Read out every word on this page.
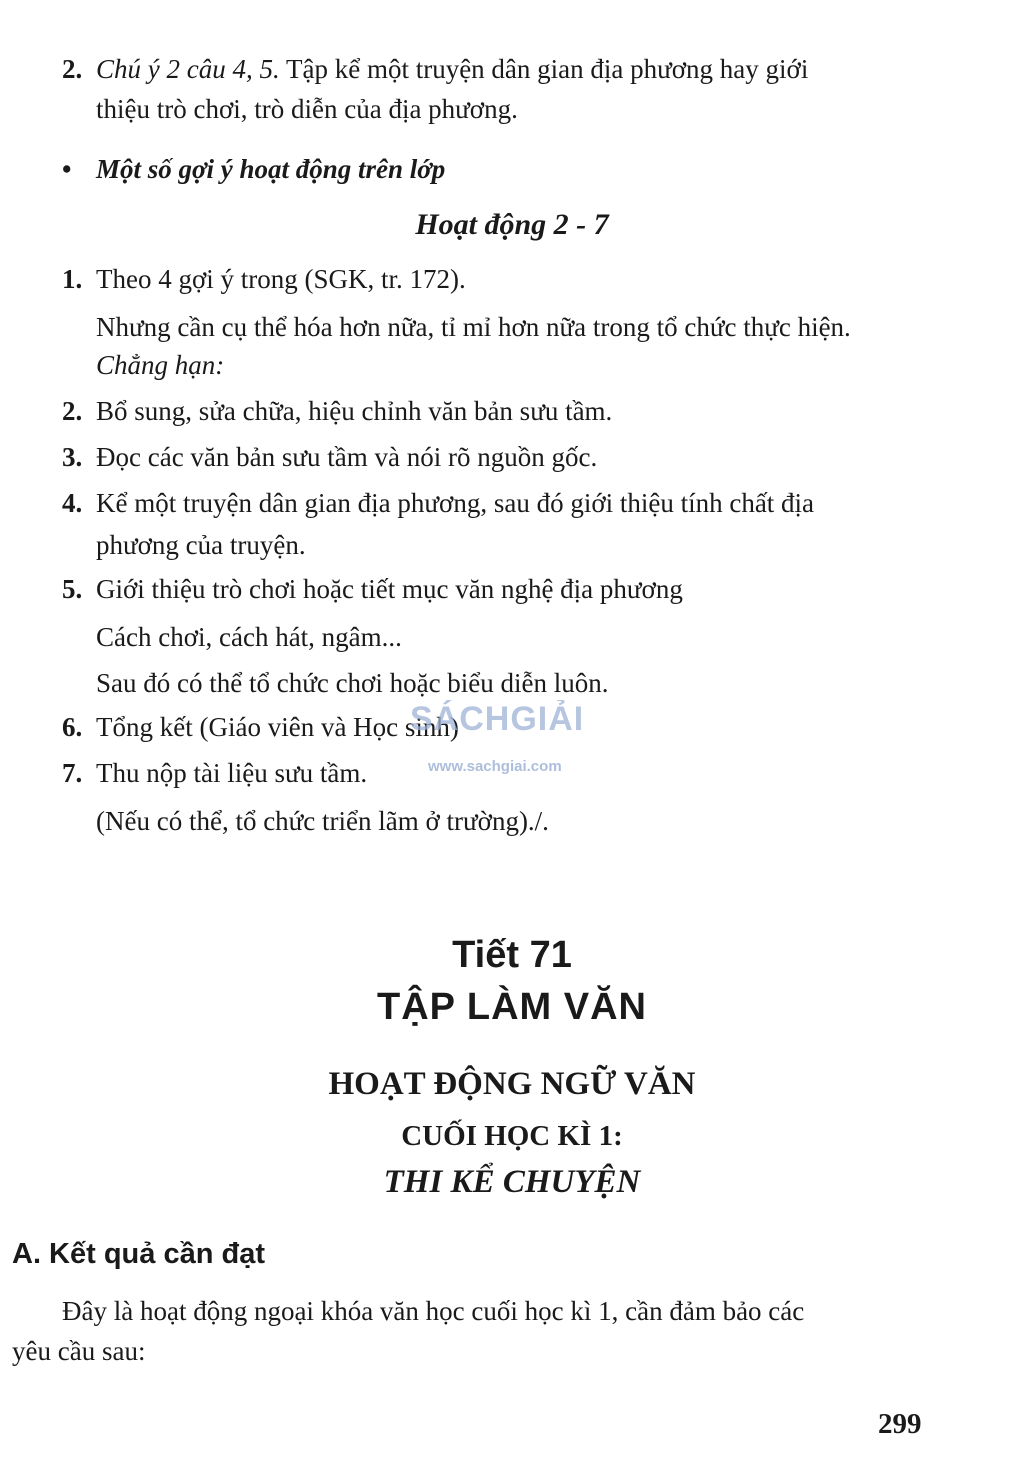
2. Chú ý 2 câu 4, 5. Tập kể một truyện dân gian địa phương hay giới
thiệu trò chơi, trò diễn của địa phương.
• Một số gợi ý hoạt động trên lớp
Hoạt động 2 - 7
1. Theo 4 gợi ý trong (SGK, tr. 172).
Nhưng cần cụ thể hóa hơn nữa, tỉ mỉ hơn nữa trong tổ chức thực hiện.
Chẳng hạn:
2. Bổ sung, sửa chữa, hiệu chỉnh văn bản sưu tầm.
3. Đọc các văn bản sưu tầm và nói rõ nguồn gốc.
4. Kể một truyện dân gian địa phương, sau đó giới thiệu tính chất địa
phương của truyện.
5. Giới thiệu trò chơi hoặc tiết mục văn nghệ địa phương
Cách chơi, cách hát, ngâm...
Sau đó có thể tổ chức chơi hoặc biểu diễn luôn.
6. Tổng kết (Giáo viên và Học sinh)
7. Thu nộp tài liệu sưu tầm.
(Nếu có thể, tổ chức triển lãm ở trường)./.
SÁCHGIẢI
www.sachgiai.com
Tiết 71
TẬP LÀM VĂN
HOẠT ĐỘNG NGỮ VĂN
CUỐI HỌC KÌ 1:
THI KỂ CHUYỆN
A. Kết quả cần đạt
Đây là hoạt động ngoại khóa văn học cuối học kì 1, cần đảm bảo các
yêu cầu sau:
299
